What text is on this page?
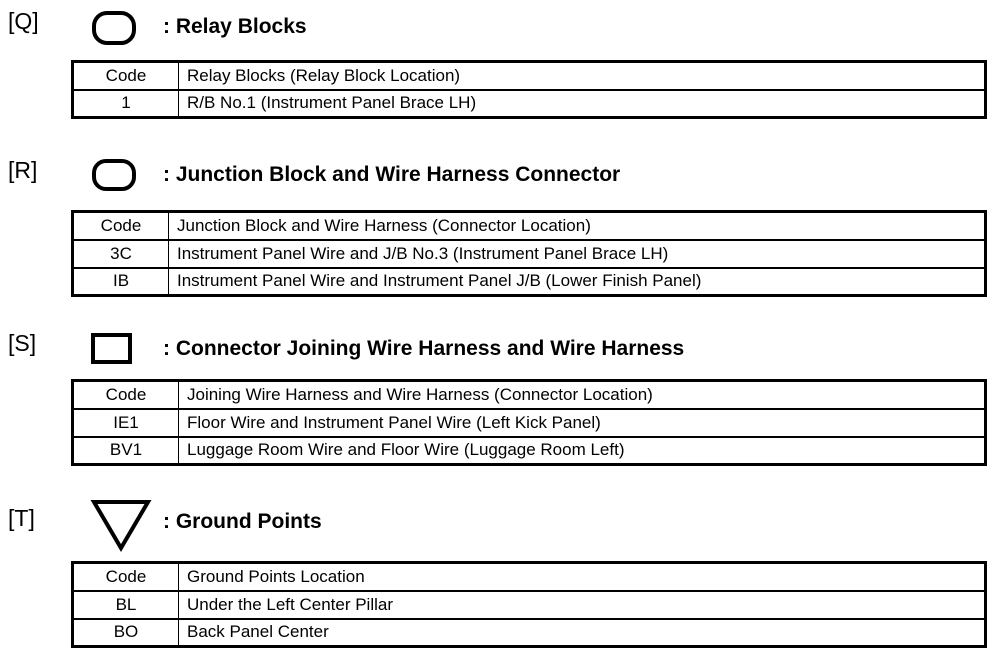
[Q]	: Relay Blocks
Code	Relay Blocks (Relay Block Location)
1	R/B No.1 (Instrument Panel Brace LH)
[R]	: Junction Block and Wire Harness Connector
Code	Junction Block and Wire Harness (Connector Location)
3C	Instrument Panel Wire and J/B No.3 (Instrument Panel Brace LH)
IB	Instrument Panel Wire and Instrument Panel J/B (Lower Finish Panel)
[S]	: Connector Joining Wire Harness and Wire Harness
Code	Joining Wire Harness and Wire Harness (Connector Location)
IE1	Floor Wire and Instrument Panel Wire (Left Kick Panel)
BV1	Luggage Room Wire and Floor Wire (Luggage Room Left)
[T]	: Ground Points
Code	Ground Points Location
BL	Under the Left Center Pillar
BO	Back Panel Center
